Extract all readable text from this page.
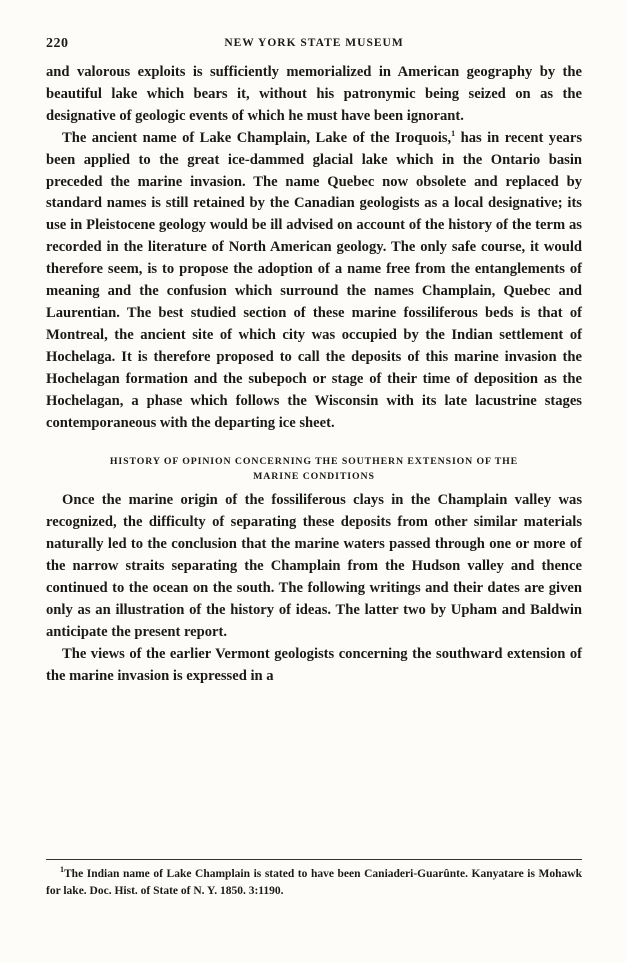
220	NEW YORK STATE MUSEUM

and valorous exploits is sufficiently memorialized in American geography by the beautiful lake which bears it, without his patronymic being seized on as the designative of geologic events of which he must have been ignorant.

The ancient name of Lake Champlain, Lake of the Iroquois,$^1$ has in recent years been applied to the great ice-dammed glacial lake which in the Ontario basin preceded the marine invasion. The name Quebec now obsolete and replaced by standard names is still retained by the Canadian geologists as a local designative; its use in Pleistocene geology would be ill advised on account of the history of the term as recorded in the literature of North American geology. The only safe course, it would therefore seem, is to propose the adoption of a name free from the entanglements of meaning and the confusion which surround the names Champlain, Quebec and Laurentian. The best studied section of these marine fossiliferous beds is that of Montreal, the ancient site of which city was occupied by the Indian settlement of Hochelaga. It is therefore proposed to call the deposits of this marine invasion the Hochelagan formation and the subepoch or stage of their time of deposition as the Hochelagan, a phase which follows the Wisconsin with its late lacustrine stages contemporaneous with the departing ice sheet.

HISTORY OF OPINION CONCERNING THE SOUTHERN EXTENSION OF THE
MARINE CONDITIONS

Once the marine origin of the fossiliferous clays in the Champlain valley was recognized, the difficulty of separating these deposits from other similar materials naturally led to the conclusion that the marine waters passed through one or more of the narrow straits separating the Champlain from the Hudson valley and thence continued to the ocean on the south. The following writings and their dates are given only as an illustration of the history of ideas. The latter two by Upham and Baldwin anticipate the present report.

The views of the earlier Vermont geologists concerning the southward extension of the marine invasion is expressed in a

$^1$The Indian name of Lake Champlain is stated to have been Caniaderi-Guarûnte. Kanyatare is Mohawk for lake. Doc. Hist. of State of N. Y. 1850. 3:1190.
